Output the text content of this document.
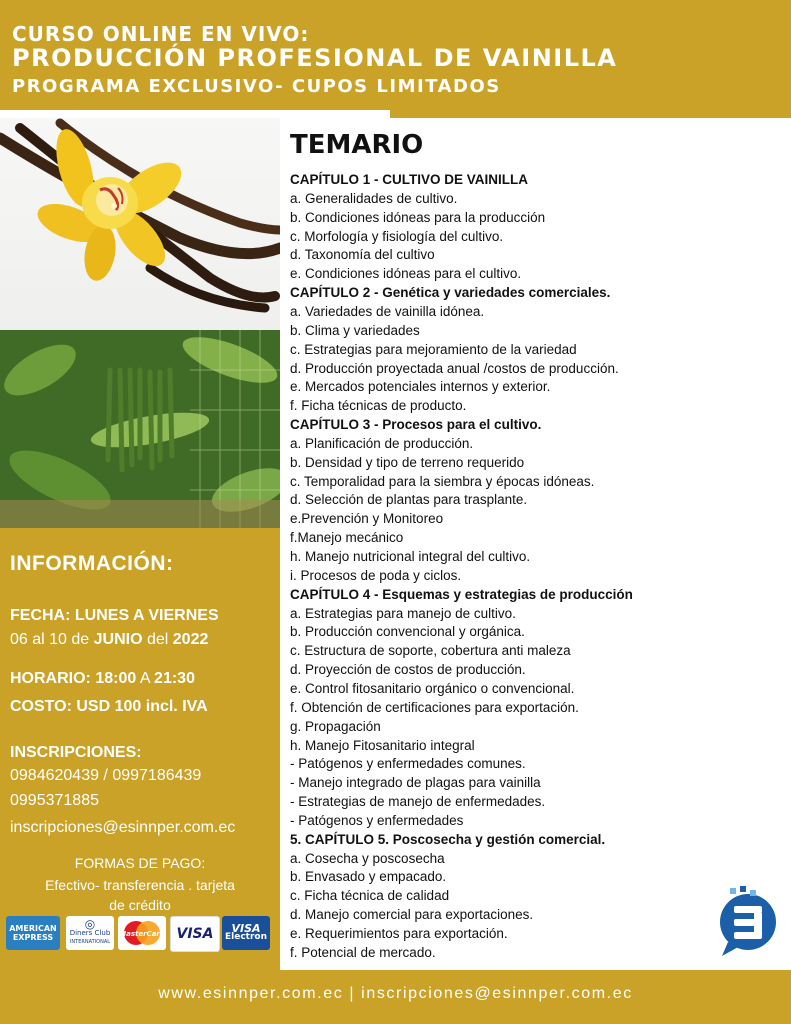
CURSO ONLINE EN VIVO:
PRODUCCIÓN PROFESIONAL DE VAINILLA
PROGRAMA EXCLUSIVO- CUPOS LIMITADOS
INFORMACIÓN:
FECHA: LUNES A VIERNES
06 al 10 de JUNIO del 2022
HORARIO: 18:00 A 21:30
COSTO: USD 100 incl. IVA
INSCRIPCIONES:
0984620439 / 0997186439
0995371885
inscripciones@esinnper.com.ec
FORMAS DE PAGO:
Efectivo- transferencia . tarjeta
de crédito
AMERICAN
EXPRESS
◎
Diners Club
INTERNATIONAL
MasterCard VISA VISA
Electron
TEMARIO
CAPÍTULO 1 - CULTIVO DE VAINILLA
a. Generalidades de cultivo.
b. Condiciones idóneas para la producción
c. Morfología y fisiología del cultivo.
d. Taxonomía del cultivo
e. Condiciones idóneas para el cultivo.
CAPÍTULO 2 - Genética y variedades comerciales.
a. Variedades de vainilla idónea.
b. Clima y variedades
c. Estrategias para mejoramiento de la variedad
d. Producción proyectada anual /costos de producción.
e. Mercados potenciales internos y exterior.
f. Ficha técnicas de producto.
CAPÍTULO 3 - Procesos para el cultivo.
a. Planificación de producción.
b. Densidad y tipo de terreno requerido
c. Temporalidad para la siembra y épocas idóneas.
d. Selección de plantas para trasplante.
e.Prevención y Monitoreo
f.Manejo mecánico
h. Manejo nutricional integral del cultivo.
i. Procesos de poda y ciclos.
CAPÍTULO 4 - Esquemas y estrategias de producción
a. Estrategias para manejo de cultivo.
b. Producción convencional y orgánica.
c. Estructura de soporte, cobertura anti maleza
d. Proyección de costos de producción.
e. Control fitosanitario orgánico o convencional.
f. Obtención de certificaciones para exportación.
g. Propagación
h. Manejo Fitosanitario integral
- Patógenos y enfermedades comunes.
- Manejo integrado de plagas para vainilla
- Estrategias de manejo de enfermedades.
- Patógenos y enfermedades
5. CAPÍTULO 5. Poscosecha y gestión comercial.
a. Cosecha y poscosecha
b. Envasado y empacado.
c. Ficha técnica de calidad
d. Manejo comercial para exportaciones.
e. Requerimientos para exportación.
f. Potencial de mercado.
www.esinnper.com.ec | inscripciones@esinnper.com.ec
